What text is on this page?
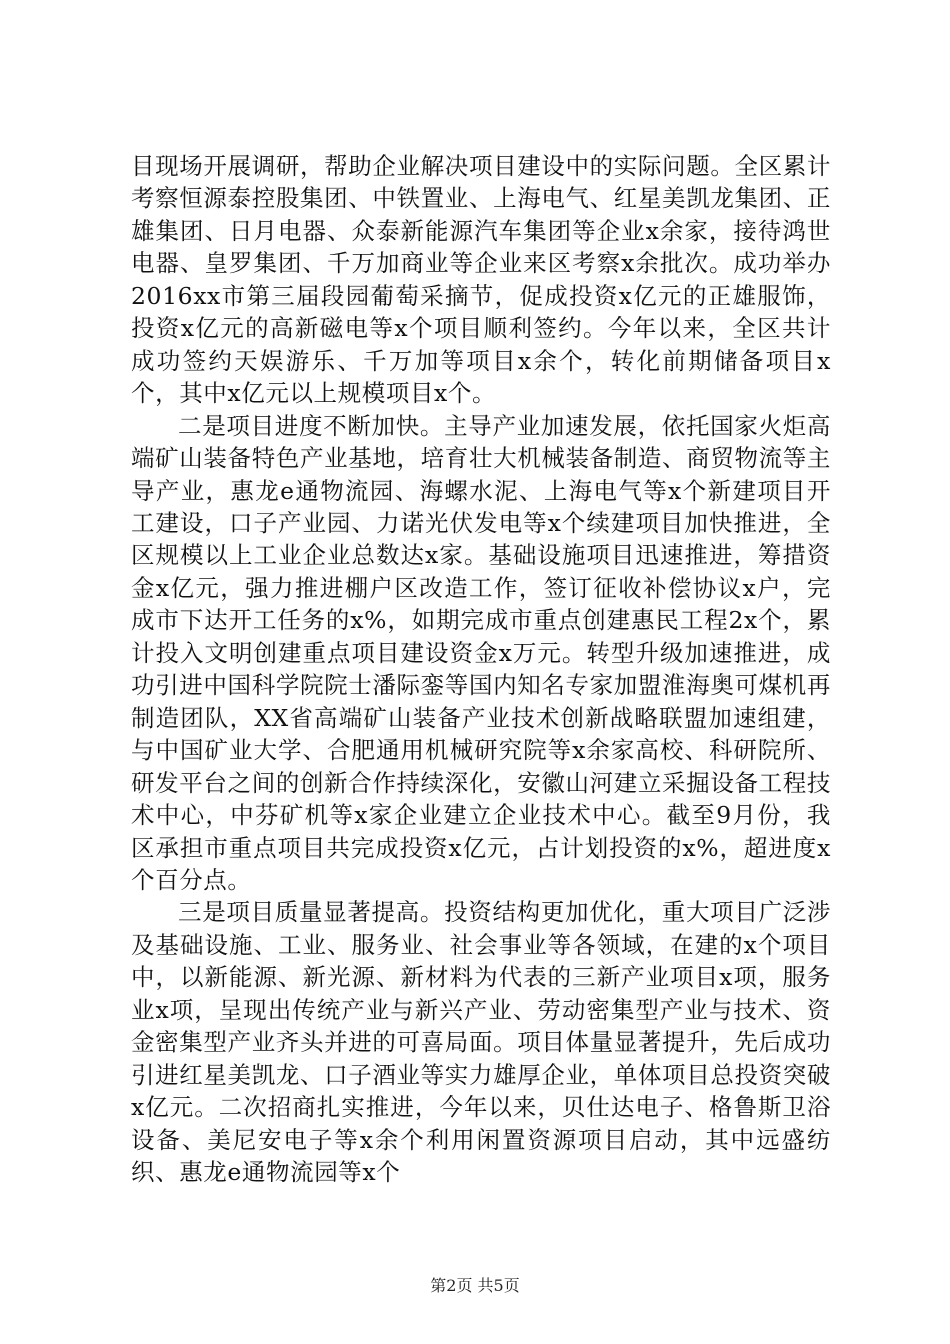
目现场开展调研，帮助企业解决项目建设中的实际问题。全区累计考察恒源泰控股集团、中铁置业、上海电气、红星美凯龙集团、正雄集团、日月电器、众泰新能源汽车集团等企业x余家，接待鸿世电器、皇罗集团、千万加商业等企业来区考察x余批次。成功举办2016xx市第三届段园葡萄采摘节，促成投资x亿元的正雄服饰，投资x亿元的高新磁电等x个项目顺利签约。今年以来，全区共计成功签约天娱游乐、千万加等项目x余个，转化前期储备项目x个，其中x亿元以上规模项目x个。

二是项目进度不断加快。主导产业加速发展，依托国家火炬高端矿山装备特色产业基地，培育壮大机械装备制造、商贸物流等主导产业，惠龙e通物流园、海螺水泥、上海电气等x个新建项目开工建设，口子产业园、力诺光伏发电等x个续建项目加快推进，全区规模以上工业企业总数达x家。基础设施项目迅速推进，筹措资金x亿元，强力推进棚户区改造工作，签订征收补偿协议x户，完成市下达开工任务的x%，如期完成市重点创建惠民工程2x个，累计投入文明创建重点项目建设资金x万元。转型升级加速推进，成功引进中国科学院院士潘际銮等国内知名专家加盟淮海奥可煤机再制造团队，XX省高端矿山装备产业技术创新战略联盟加速组建，与中国矿业大学、合肥通用机械研究院等x余家高校、科研院所、研发平台之间的创新合作持续深化，安徽山河建立采掘设备工程技术中心，中芬矿机等x家企业建立企业技术中心。截至9月份，我区承担市重点项目共完成投资x亿元，占计划投资的x%，超进度x个百分点。

三是项目质量显著提高。投资结构更加优化，重大项目广泛涉及基础设施、工业、服务业、社会事业等各领域，在建的x个项目中，以新能源、新光源、新材料为代表的三新产业项目x项，服务业x项，呈现出传统产业与新兴产业、劳动密集型产业与技术、资金密集型产业齐头并进的可喜局面。项目体量显著提升，先后成功引进红星美凯龙、口子酒业等实力雄厚企业，单体项目总投资突破x亿元。二次招商扎实推进，今年以来，贝仕达电子、格鲁斯卫浴设备、美尼安电子等x余个利用闲置资源项目启动，其中远盛纺织、惠龙e通物流园等x个

第2页 共5页
